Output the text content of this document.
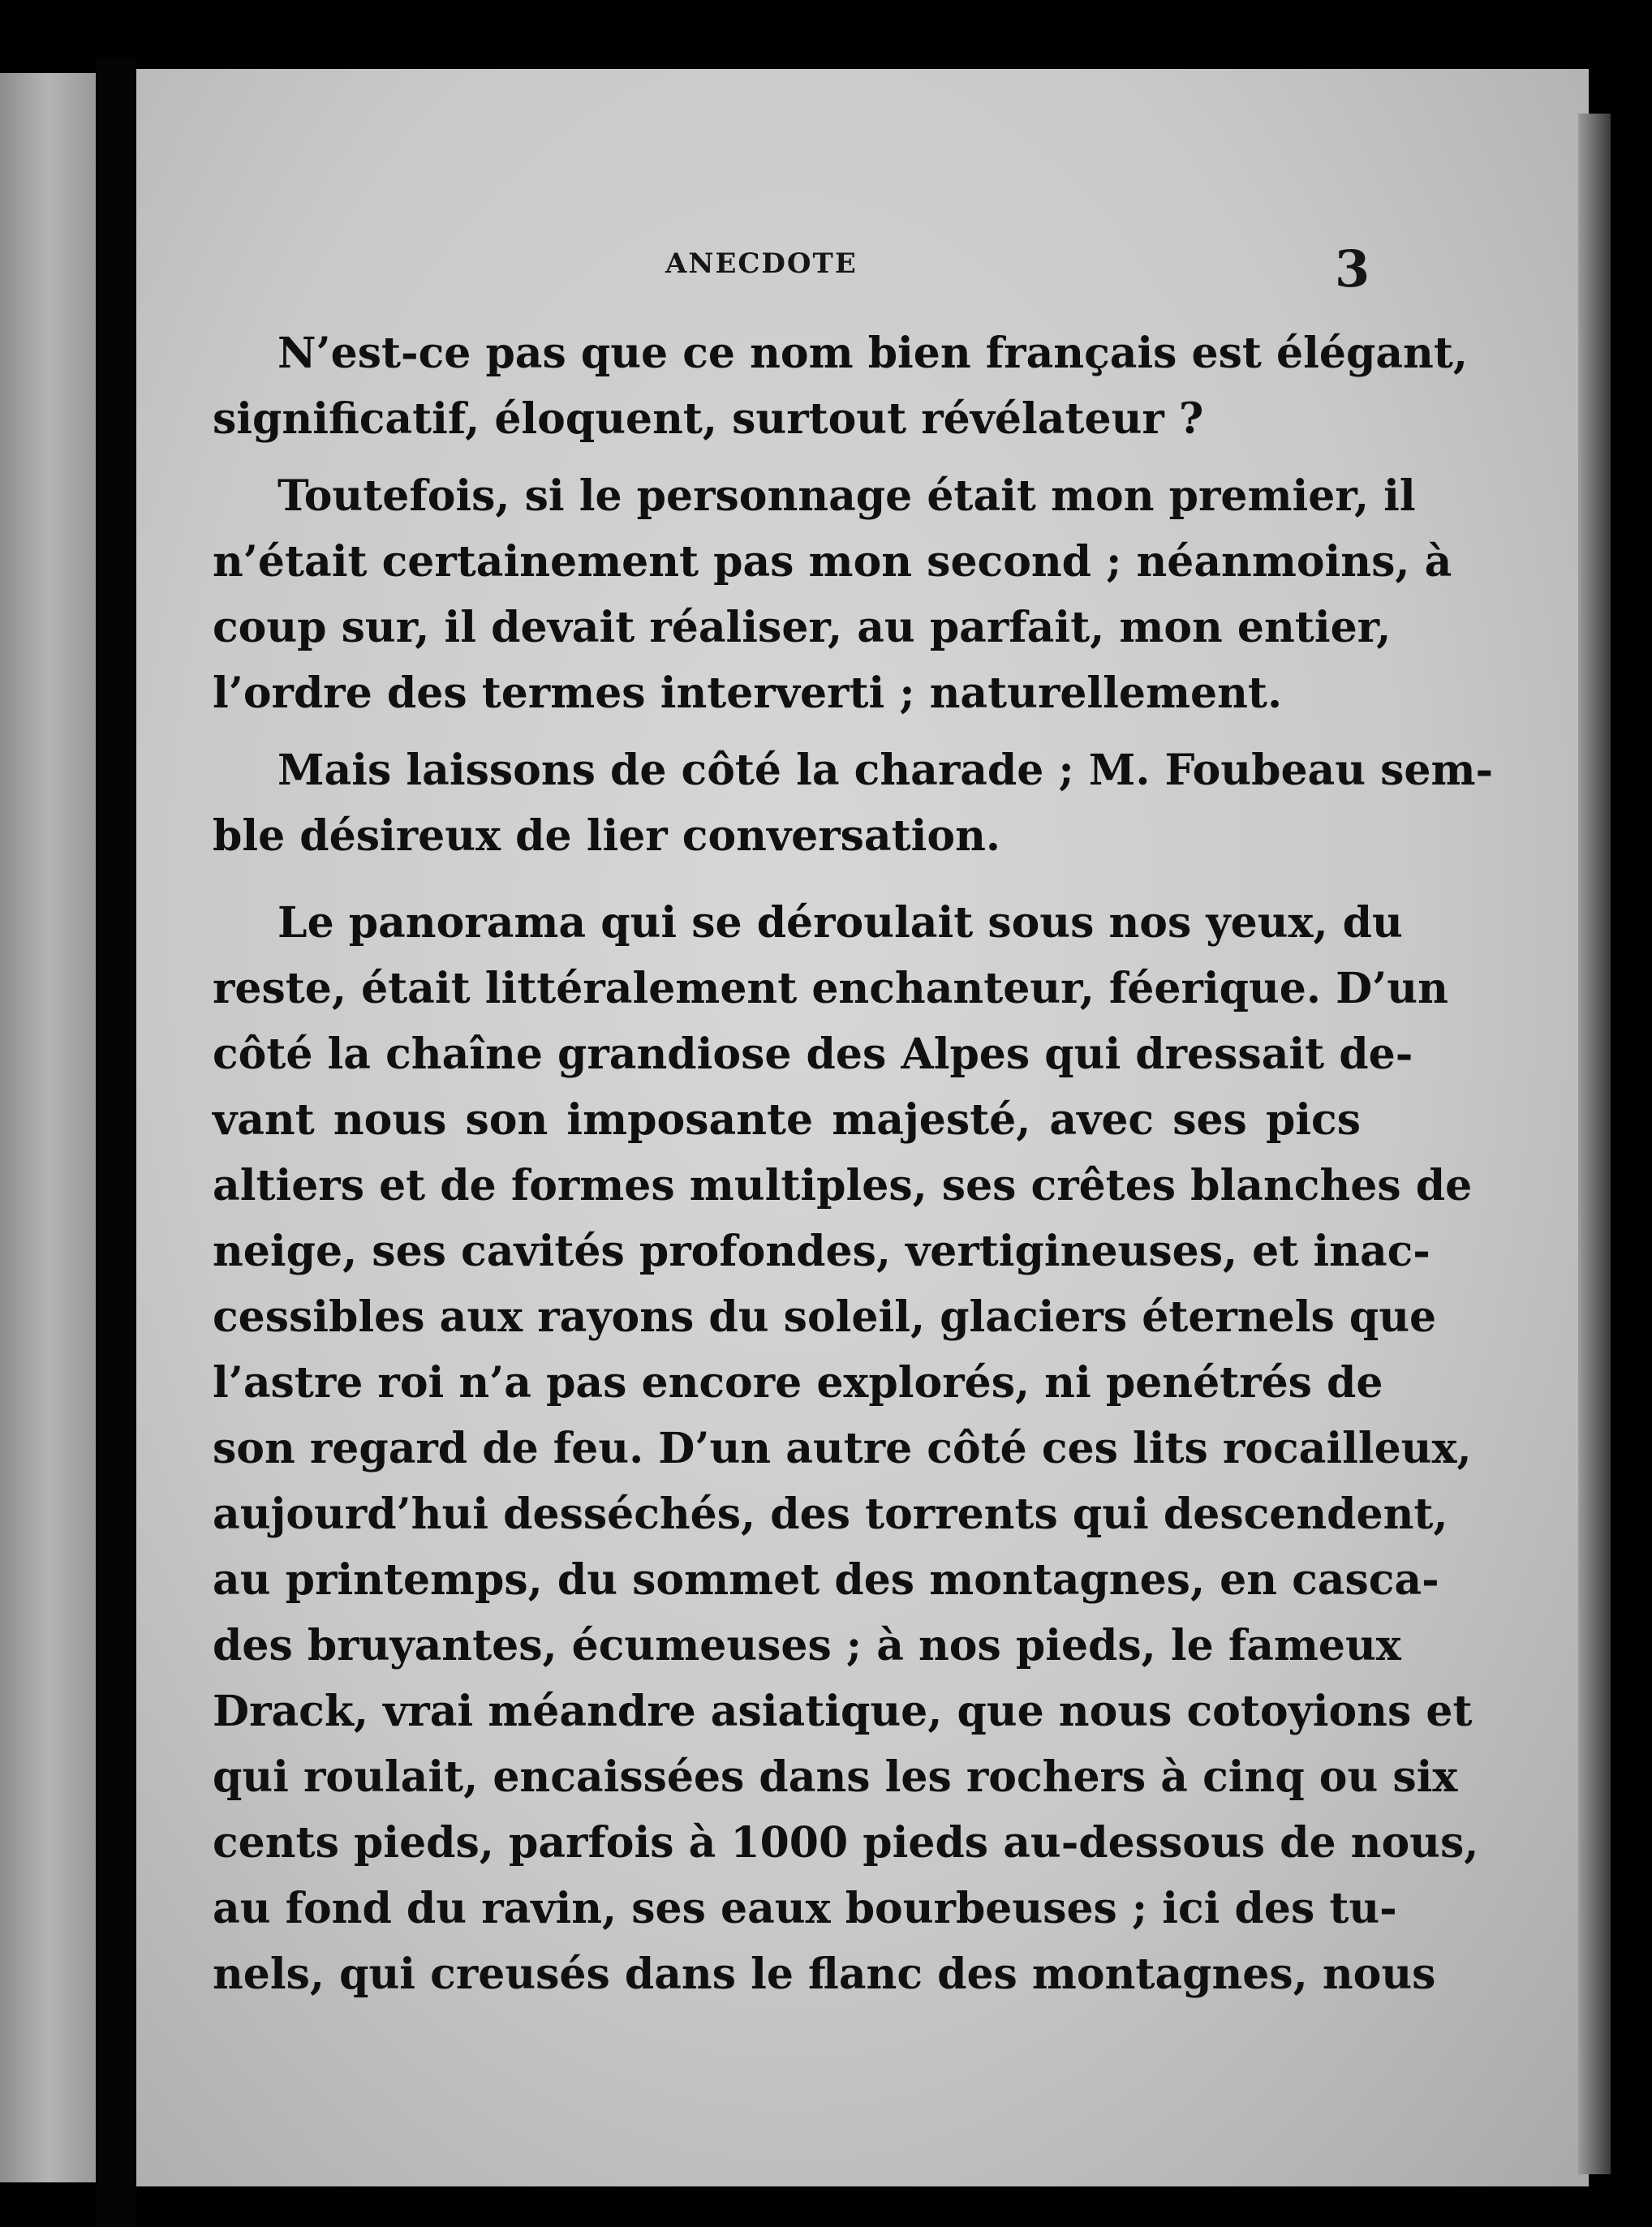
ANECDOTE	3
N’est-ce pas que ce nom bien français est élégant,
significatif, éloquent, surtout révélateur ?
Toutefois, si le personnage était mon premier, il
n’était certainement pas mon second ; néanmoins, à
coup sur, il devait réaliser, au parfait, mon entier,
l’ordre des termes interverti ; naturellement.
Mais laissons de côté la charade ; M. Foubeau sem-
ble désireux de lier conversation.
Le panorama qui se déroulait sous nos yeux, du
reste, était littéralement enchanteur, féerique. D’un
côté la chaîne grandiose des Alpes qui dressait de-
vant nous son imposante majesté, avec ses pics
altiers et de formes multiples, ses crêtes blanches de
neige, ses cavités profondes, vertigineuses, et inac-
cessibles aux rayons du soleil, glaciers éternels que
l’astre roi n’a pas encore explorés, ni penétrés de
son regard de feu. D’un autre côté ces lits rocailleux,
aujourd’hui desséchés, des torrents qui descendent,
au printemps, du sommet des montagnes, en casca-
des bruyantes, écumeuses ; à nos pieds, le fameux
Drack, vrai méandre asiatique, que nous cotoyions et
qui roulait, encaissées dans les rochers à cinq ou six
cents pieds, parfois à 1000 pieds au-dessous de nous,
au fond du ravin, ses eaux bourbeuses ; ici des tu-
nels, qui creusés dans le flanc des montagnes, nous
